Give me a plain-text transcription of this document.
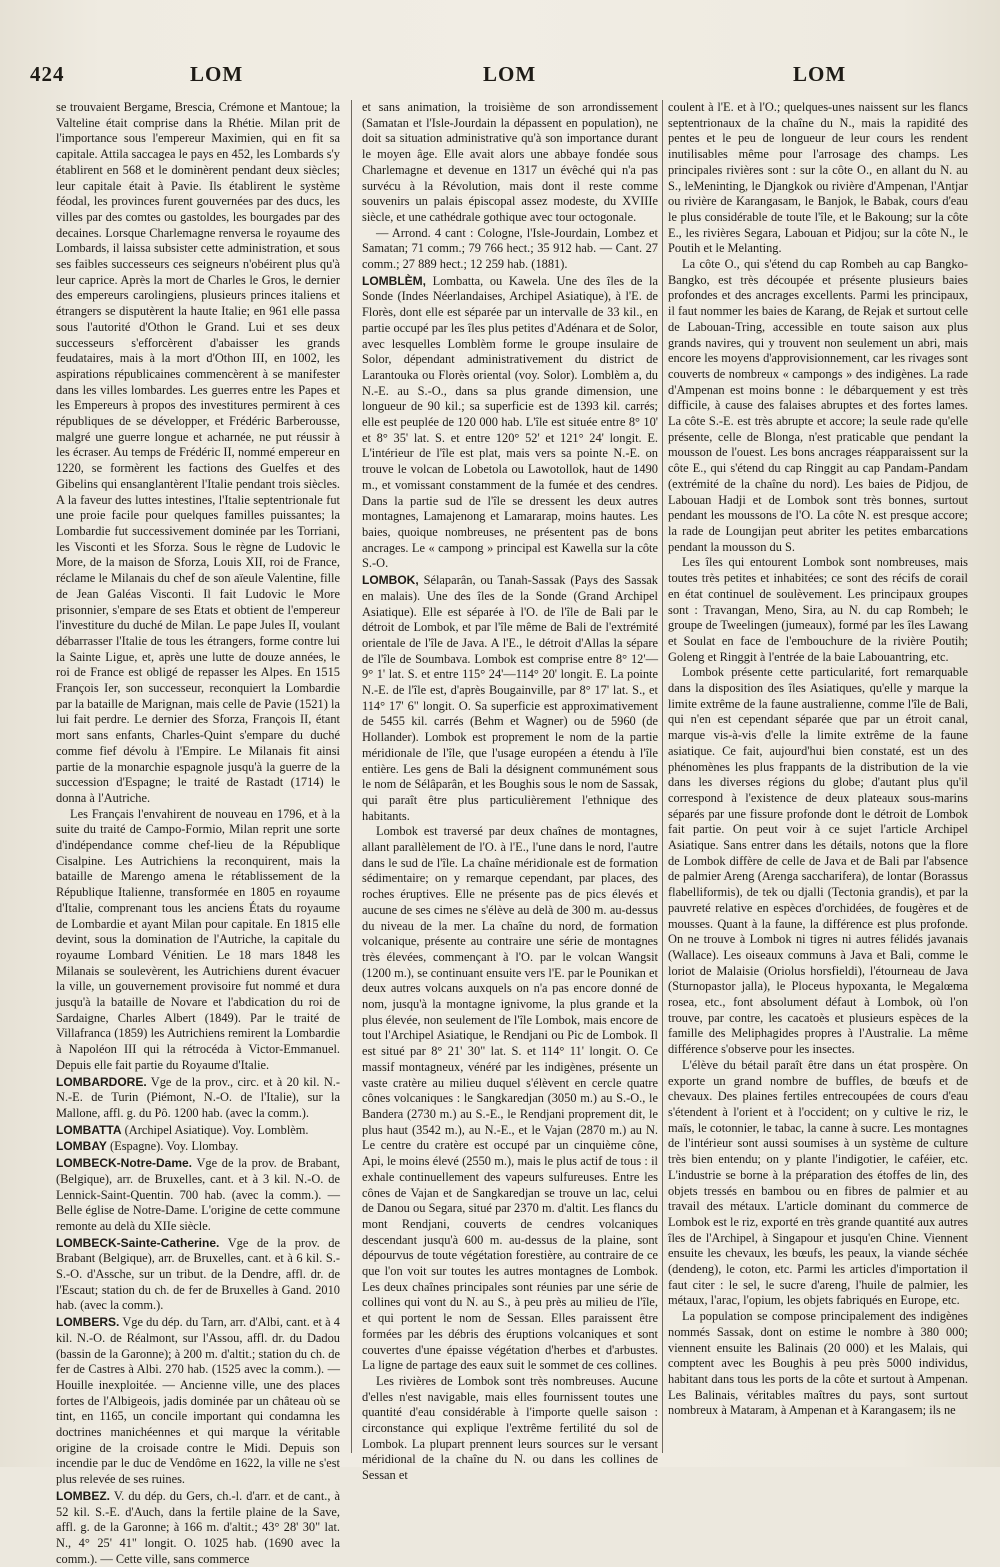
424	LOM	LOM	LOM

se trouvaient Bergame, Brescia, Crémone et Mantoue; la Valteline était comprise dans la Rhétie. Milan prit de l'importance sous l'empereur Maximien, qui en fit sa capitale. Attila saccagea le pays en 452, les Lombards s'y établirent en 568 et le dominèrent pendant deux siècles; leur capitale était à Pavie. Ils établirent le système féodal, les provinces furent gouvernées par des ducs, les villes par des comtes ou gastoldes, les bourgades par des decaines. Lorsque Charlemagne renversa le royaume des Lombards, il laissa subsister cette administration, et sous ses faibles successeurs ces seigneurs n'obéirent plus qu'à leur caprice. Après la mort de Charles le Gros, le dernier des empereurs carolingiens, plusieurs princes italiens et étrangers se disputèrent la haute Italie; en 961 elle passa sous l'autorité d'Othon le Grand. Lui et ses deux successeurs s'efforcèrent d'abaisser les grands feudataires, mais à la mort d'Othon III, en 1002, les aspirations républicaines commencèrent à se manifester dans les villes lombardes. Les guerres entre les Papes et les Empereurs à propos des investitures permirent à ces républiques de se développer, et Frédéric Barberousse, malgré une guerre longue et acharnée, ne put réussir à les écraser. Au temps de Frédéric II, nommé empereur en 1220, se formèrent les factions des Guelfes et des Gibelins qui ensanglantèrent l'Italie pendant trois siècles. A la faveur des luttes intestines, l'Italie septentrionale fut une proie facile pour quelques familles puissantes; la Lombardie fut successivement dominée par les Torriani, les Visconti et les Sforza. Sous le règne de Ludovic le More, de la maison de Sforza, Louis XII, roi de France, réclame le Milanais du chef de son aïeule Valentine, fille de Jean Galéas Visconti. Il fait Ludovic le More prisonnier, s'empare de ses Etats et obtient de l'empereur l'investiture du duché de Milan. Le pape Jules II, voulant débarrasser l'Italie de tous les étrangers, forme contre lui la Sainte Ligue, et, après une lutte de douze années, le roi de France est obligé de repasser les Alpes. En 1515 François Ier, son successeur, reconquiert la Lombardie par la bataille de Marignan, mais celle de Pavie (1521) la lui fait perdre. Le dernier des Sforza, François II, étant mort sans enfants, Charles-Quint s'empare du duché comme fief dévolu à l'Empire. Le Milanais fit ainsi partie de la monarchie espagnole jusqu'à la guerre de la succession d'Espagne; le traité de Rastadt (1714) le donna à l'Autriche.

Les Français l'envahirent de nouveau en 1796, et à la suite du traité de Campo-Formio, Milan reprit une sorte d'indépendance comme chef-lieu de la République Cisalpine. Les Autrichiens la reconquirent, mais la bataille de Marengo amena le rétablissement de la République Italienne, transformée en 1805 en royaume d'Italie, comprenant tous les anciens États du royaume de Lombardie et ayant Milan pour capitale. En 1815 elle devint, sous la domination de l'Autriche, la capitale du royaume Lombard Vénitien. Le 18 mars 1848 les Milanais se soulevèrent, les Autrichiens durent évacuer la ville, un gouvernement provisoire fut nommé et dura jusqu'à la bataille de Novare et l'abdication du roi de Sardaigne, Charles Albert (1849). Par le traité de Villafranca (1859) les Autrichiens remirent la Lombardie à Napoléon III qui la rétrocéda à Victor-Emmanuel. Depuis elle fait partie du Royaume d'Italie.

LOMBARDORE. Vge de la prov., circ. et à 20 kil. N.-N.-E. de Turin (Piémont, N.-O. de l'Italie), sur la Mallone, affl. g. du Pô. 1200 hab. (avec la comm.).

LOMBATTA (Archipel Asiatique). Voy. Lomblèm.

LOMBAY (Espagne). Voy. Llombay.

LOMBECK-Notre-Dame. Vge de la prov. de Brabant, (Belgique), arr. de Bruxelles, cant. et à 3 kil. N.-O. de Lennick-Saint-Quentin. 700 hab. (avec la comm.). — Belle église de Notre-Dame. L'origine de cette commune remonte au delà du XIIe siècle.

LOMBECK-Sainte-Catherine. Vge de la prov. de Brabant (Belgique), arr. de Bruxelles, cant. et à 6 kil. S.-S.-O. d'Assche, sur un tribut. de la Dendre, affl. dr. de l'Escaut; station du ch. de fer de Bruxelles à Gand. 2010 hab. (avec la comm.).

LOMBERS. Vge du dép. du Tarn, arr. d'Albi, cant. et à 4 kil. N.-O. de Réalmont, sur l'Assou, affl. dr. du Dadou (bassin de la Garonne); à 200 m. d'altit.; station du ch. de fer de Castres à Albi. 270 hab. (1525 avec la comm.). — Houille inexploitée. — Ancienne ville, une des places fortes de l'Albigeois, jadis dominée par un château où se tint, en 1165, un concile important qui condamna les doctrines manichéennes et qui marque la véritable origine de la croisade contre le Midi. Depuis son incendie par le duc de Vendôme en 1622, la ville ne s'est plus relevée de ses ruines.

LOMBEZ. V. du dép. du Gers, ch.-l. d'arr. et de cant., à 52 kil. S.-E. d'Auch, dans la fertile plaine de la Save, affl. g. de la Garonne; à 166 m. d'altit.; 43° 28' 30" lat. N., 4° 25' 41" longit. O. 1025 hab. (1690 avec la comm.). — Cette ville, sans commerce

et sans animation, la troisième de son arrondissement (Samatan et l'Isle-Jourdain la dépassent en population), ne doit sa situation administrative qu'à son importance durant le moyen âge. Elle avait alors une abbaye fondée sous Charlemagne et devenue en 1317 un évêché qui n'a pas survécu à la Révolution, mais dont il reste comme souvenirs un palais épiscopal assez modeste, du XVIIIe siècle, et une cathédrale gothique avec tour octogonale.

— Arrond. 4 cant : Cologne, l'Isle-Jourdain, Lombez et Samatan; 71 comm.; 79 766 hect.; 35 912 hab. — Cant. 27 comm.; 27 889 hect.; 12 259 hab. (1881).

LOMBLÈM, Lombatta, ou Kawela. Une des îles de la Sonde (Indes Néerlandaises, Archipel Asiatique), à l'E. de Florès, dont elle est séparée par un intervalle de 33 kil., en partie occupé par les îles plus petites d'Adénara et de Solor, avec lesquelles Lomblèm forme le groupe insulaire de Solor, dépendant administrativement du district de Larantouka ou Florès oriental (voy. Solor). Lomblèm a, du N.-E. au S.-O., dans sa plus grande dimension, une longueur de 90 kil.; sa superficie est de 1393 kil. carrés; elle est peuplée de 120 000 hab. L'île est située entre 8° 10' et 8° 35' lat. S. et entre 120° 52' et 121° 24' longit. E. L'intérieur de l'île est plat, mais vers sa pointe N.-E. on trouve le volcan de Lobetola ou Lawotollok, haut de 1490 m., et vomissant constamment de la fumée et des cendres. Dans la partie sud de l'île se dressent les deux autres montagnes, Lamajenong et Lamararap, moins hautes. Les baies, quoique nombreuses, ne présentent pas de bons ancrages. Le « campong » principal est Kawella sur la côte S.-O.

LOMBOK, Sélaparân, ou Tanah-Sassak (Pays des Sassak en malais). Une des îles de la Sonde (Grand Archipel Asiatique). Elle est séparée à l'O. de l'île de Bali par le détroit de Lombok, et par l'île même de Bali de l'extrémité orientale de l'île de Java. A l'E., le détroit d'Allas la sépare de l'île de Soumbava. Lombok est comprise entre 8° 12'—9° 1' lat. S. et entre 115° 24'—114° 20' longit. E. La pointe N.-E. de l'île est, d'après Bougainville, par 8° 17' lat. S., et 114° 17' 6" longit. O. Sa superficie est approximativement de 5455 kil. carrés (Behm et Wagner) ou de 5960 (de Hollander). Lombok est proprement le nom de la partie méridionale de l'île, que l'usage européen a étendu à l'île entière. Les gens de Bali la désignent communément sous le nom de Sélâparân, et les Boughis sous le nom de Sassak, qui paraît être plus particulièrement l'ethnique des habitants.

Lombok est traversé par deux chaînes de montagnes, allant parallèlement de l'O. à l'E., l'une dans le nord, l'autre dans le sud de l'île. La chaîne méridionale est de formation sédimentaire; on y remarque cependant, par places, des roches éruptives. Elle ne présente pas de pics élevés et aucune de ses cimes ne s'élève au delà de 300 m. au-dessus du niveau de la mer. La chaîne du nord, de formation volcanique, présente au contraire une série de montagnes très élevées, commençant à l'O. par le volcan Wangsit (1200 m.), se continuant ensuite vers l'E. par le Pounikan et deux autres volcans auxquels on n'a pas encore donné de nom, jusqu'à la montagne ignivome, la plus grande et la plus élevée, non seulement de l'île Lombok, mais encore de tout l'Archipel Asiatique, le Rendjani ou Pic de Lombok. Il est situé par 8° 21' 30" lat. S. et 114° 11' longit. O. Ce massif montagneux, vénéré par les indigènes, présente un vaste cratère au milieu duquel s'élèvent en cercle quatre cônes volcaniques : le Sangkaredjan (3050 m.) au S.-O., le Bandera (2730 m.) au S.-E., le Rendjani proprement dit, le plus haut (3542 m.), au N.-E., et le Vajan (2870 m.) au N. Le centre du cratère est occupé par un cinquième cône, Api, le moins élevé (2550 m.), mais le plus actif de tous : il exhale continuellement des vapeurs sulfureuses. Entre les cônes de Vajan et de Sangkaredjan se trouve un lac, celui de Danou ou Segara, situé par 2370 m. d'altit. Les flancs du mont Rendjani, couverts de cendres volcaniques descendant jusqu'à 600 m. au-dessus de la plaine, sont dépourvus de toute végétation forestière, au contraire de ce que l'on voit sur toutes les autres montagnes de Lombok. Les deux chaînes principales sont réunies par une série de collines qui vont du N. au S., à peu près au milieu de l'île, et qui portent le nom de Sessan. Elles paraissent être formées par les débris des éruptions volcaniques et sont couvertes d'une épaisse végétation d'herbes et d'arbustes. La ligne de partage des eaux suit le sommet de ces collines.

Les rivières de Lombok sont très nombreuses. Aucune d'elles n'est navigable, mais elles fournissent toutes une quantité d'eau considérable à l'importe quelle saison : circonstance qui explique l'extrême fertilité du sol de Lombok. La plupart prennent leurs sources sur le versant méridional de la chaîne du N. ou dans les collines de Sessan et

coulent à l'E. et à l'O.; quelques-unes naissent sur les flancs septentrionaux de la chaîne du N., mais la rapidité des pentes et le peu de longueur de leur cours les rendent inutilisables même pour l'arrosage des champs. Les principales rivières sont : sur la côte O., en allant du N. au S., leMeninting, le Djangkok ou rivière d'Ampenan, l'Antjar ou rivière de Karangasam, le Banjok, le Babak, cours d'eau le plus considérable de toute l'île, et le Bakoung; sur la côte E., les rivières Segara, Labouan et Pidjou; sur la côte N., le Poutih et le Melanting.

La côte O., qui s'étend du cap Rombeh au cap Bangko-Bangko, est très découpée et présente plusieurs baies profondes et des ancrages excellents. Parmi les principaux, il faut nommer les baies de Karang, de Rejak et surtout celle de Labouan-Tring, accessible en toute saison aux plus grands navires, qui y trouvent non seulement un abri, mais encore les moyens d'approvisionnement, car les rivages sont couverts de nombreux « campongs » des indigènes. La rade d'Ampenan est moins bonne : le débarquement y est très difficile, à cause des falaises abruptes et des fortes lames. La côte S.-E. est très abrupte et accore; la seule rade qu'elle présente, celle de Blonga, n'est praticable que pendant la mousson de l'ouest. Les bons ancrages réapparaissent sur la côte E., qui s'étend du cap Ringgit au cap Pandam-Pandam (extrémité de la chaîne du nord). Les baies de Pidjou, de Labouan Hadji et de Lombok sont très bonnes, surtout pendant les moussons de l'O. La côte N. est presque accore; la rade de Loungijan peut abriter les petites embarcations pendant la mousson du S.

Les îles qui entourent Lombok sont nombreuses, mais toutes très petites et inhabitées; ce sont des récifs de corail en état continuel de soulèvement. Les principaux groupes sont : Travangan, Meno, Sira, au N. du cap Rombeh; le groupe de Tweelingen (jumeaux), formé par les îles Lawang et Soulat en face de l'embouchure de la rivière Poutih; Goleng et Ringgit à l'entrée de la baie Labouantring, etc.

Lombok présente cette particularité, fort remarquable dans la disposition des îles Asiatiques, qu'elle y marque la limite extrême de la faune australienne, comme l'île de Bali, qui n'en est cependant séparée que par un étroit canal, marque vis-à-vis d'elle la limite extrême de la faune asiatique. Ce fait, aujourd'hui bien constaté, est un des phénomènes les plus frappants de la distribution de la vie dans les diverses régions du globe; d'autant plus qu'il correspond à l'existence de deux plateaux sous-marins séparés par une fissure profonde dont le détroit de Lombok fait partie. On peut voir à ce sujet l'article Archipel Asiatique. Sans entrer dans les détails, notons que la flore de Lombok diffère de celle de Java et de Bali par l'absence de palmier Areng (Arenga saccharifera), de lontar (Borassus flabelliformis), de tek ou djalli (Tectonia grandis), et par la pauvreté relative en espèces d'orchidées, de fougères et de mousses. Quant à la faune, la différence est plus profonde. On ne trouve à Lombok ni tigres ni autres félidés javanais (Wallace). Les oiseaux communs à Java et Bali, comme le loriot de Malaisie (Oriolus horsfieldi), l'étourneau de Java (Sturnopastor jalla), le Ploceus hypoxanta, le Megalœma rosea, etc., font absolument défaut à Lombok, où l'on trouve, par contre, les cacatoès et plusieurs espèces de la famille des Meliphagides propres à l'Australie. La même différence s'observe pour les insectes.

L'élève du bétail paraît être dans un état prospère. On exporte un grand nombre de buffles, de bœufs et de chevaux. Des plaines fertiles entrecoupées de cours d'eau s'étendent à l'orient et à l'occident; on y cultive le riz, le maïs, le cotonnier, le tabac, la canne à sucre. Les montagnes de l'intérieur sont aussi soumises à un système de culture très bien entendu; on y plante l'indigotier, le caféier, etc. L'industrie se borne à la préparation des étoffes de lin, des objets tressés en bambou ou en fibres de palmier et au travail des métaux. L'article dominant du commerce de Lombok est le riz, exporté en très grande quantité aux autres îles de l'Archipel, à Singapour et jusqu'en Chine. Viennent ensuite les chevaux, les bœufs, les peaux, la viande séchée (dendeng), le coton, etc. Parmi les articles d'importation il faut citer : le sel, le sucre d'areng, l'huile de palmier, les métaux, l'arac, l'opium, les objets fabriqués en Europe, etc.

La population se compose principalement des indigènes nommés Sassak, dont on estime le nombre à 380 000; viennent ensuite les Balinais (20 000) et les Malais, qui comptent avec les Boughis à peu près 5000 individus, habitant dans tous les ports de la côte et surtout à Ampenan. Les Balinais, véritables maîtres du pays, sont surtout nombreux à Mataram, à Ampenan et à Karangasem; ils ne
